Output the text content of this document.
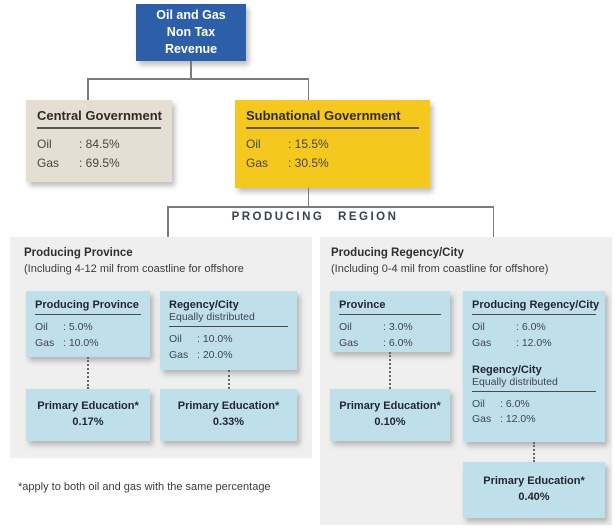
Oil and Gas
Non Tax
Revenue
Central Government
Oil	: 84.5%
Gas	: 69.5%
Subnational Government
Oil	: 15.5%
Gas	: 30.5%
PRODUCING REGION
Producing Province
(Including 4-12 mil from coastline for offshore
Producing Province
Oil	: 5.0%
Gas : 10.0%
Regency/City
Equally distributed
Oil	: 10.0%
Gas : 20.0%
Primary Education*
0.17%
Primary Education*
0.33%
Producing Regency/City
(Including 0-4 mil from coastline for offshore)
Province
Oil	: 3.0%
Gas	: 6.0%
Producing Regency/City
Oil	: 6.0%
Gas	: 12.0%
Regency/City
Equally distributed
Oil	: 6.0%
Gas : 12.0%
Primary Education*
0.10%
Primary Education*
0.40%
*apply to both oil and gas with the same percentage
